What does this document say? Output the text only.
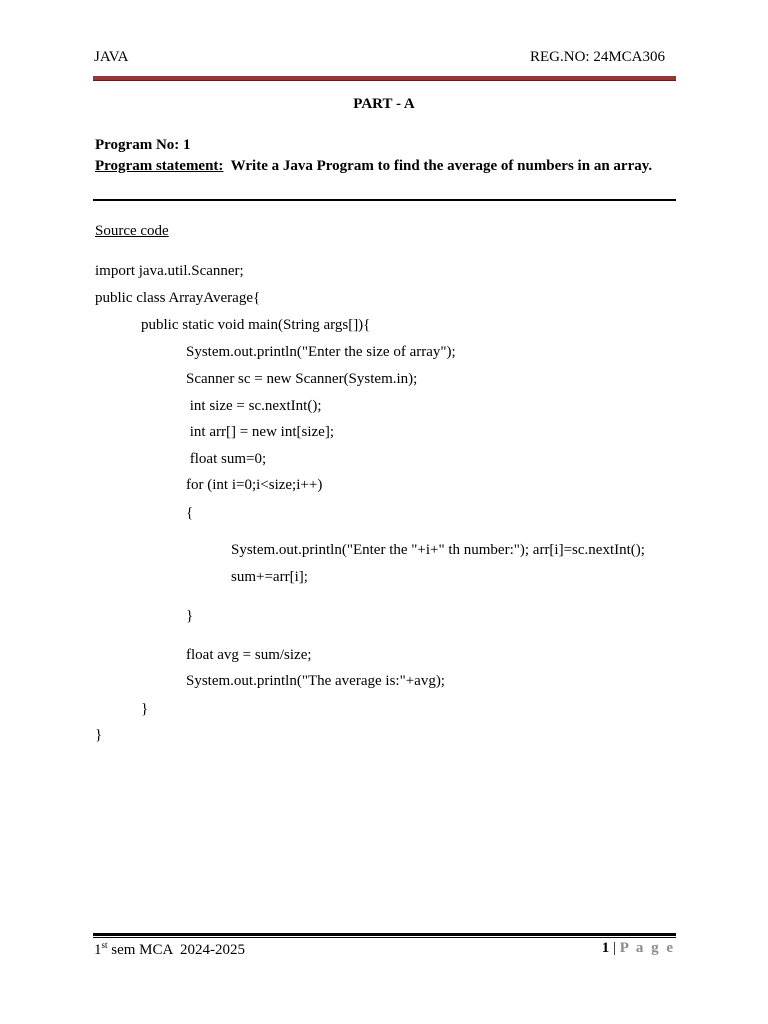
JAVA	REG.NO: 24MCA306
PART - A
Program No: 1
Program statement:  Write a Java Program to find the average of numbers in an array.
Source code
import java.util.Scanner;
public class ArrayAverage{
public static void main(String args[]){
System.out.println("Enter the size of array");
Scanner sc = new Scanner(System.in);
int size = sc.nextInt();
int arr[] = new int[size];
float sum=0;
for (int i=0;i<size;i++)
{
System.out.println("Enter the "+i+" th number:"); arr[i]=sc.nextInt();
sum+=arr[i];
}
float avg = sum/size;
System.out.println("The average is:"+avg);
}
}
1st sem MCA  2024-2025	1 | P a g e
